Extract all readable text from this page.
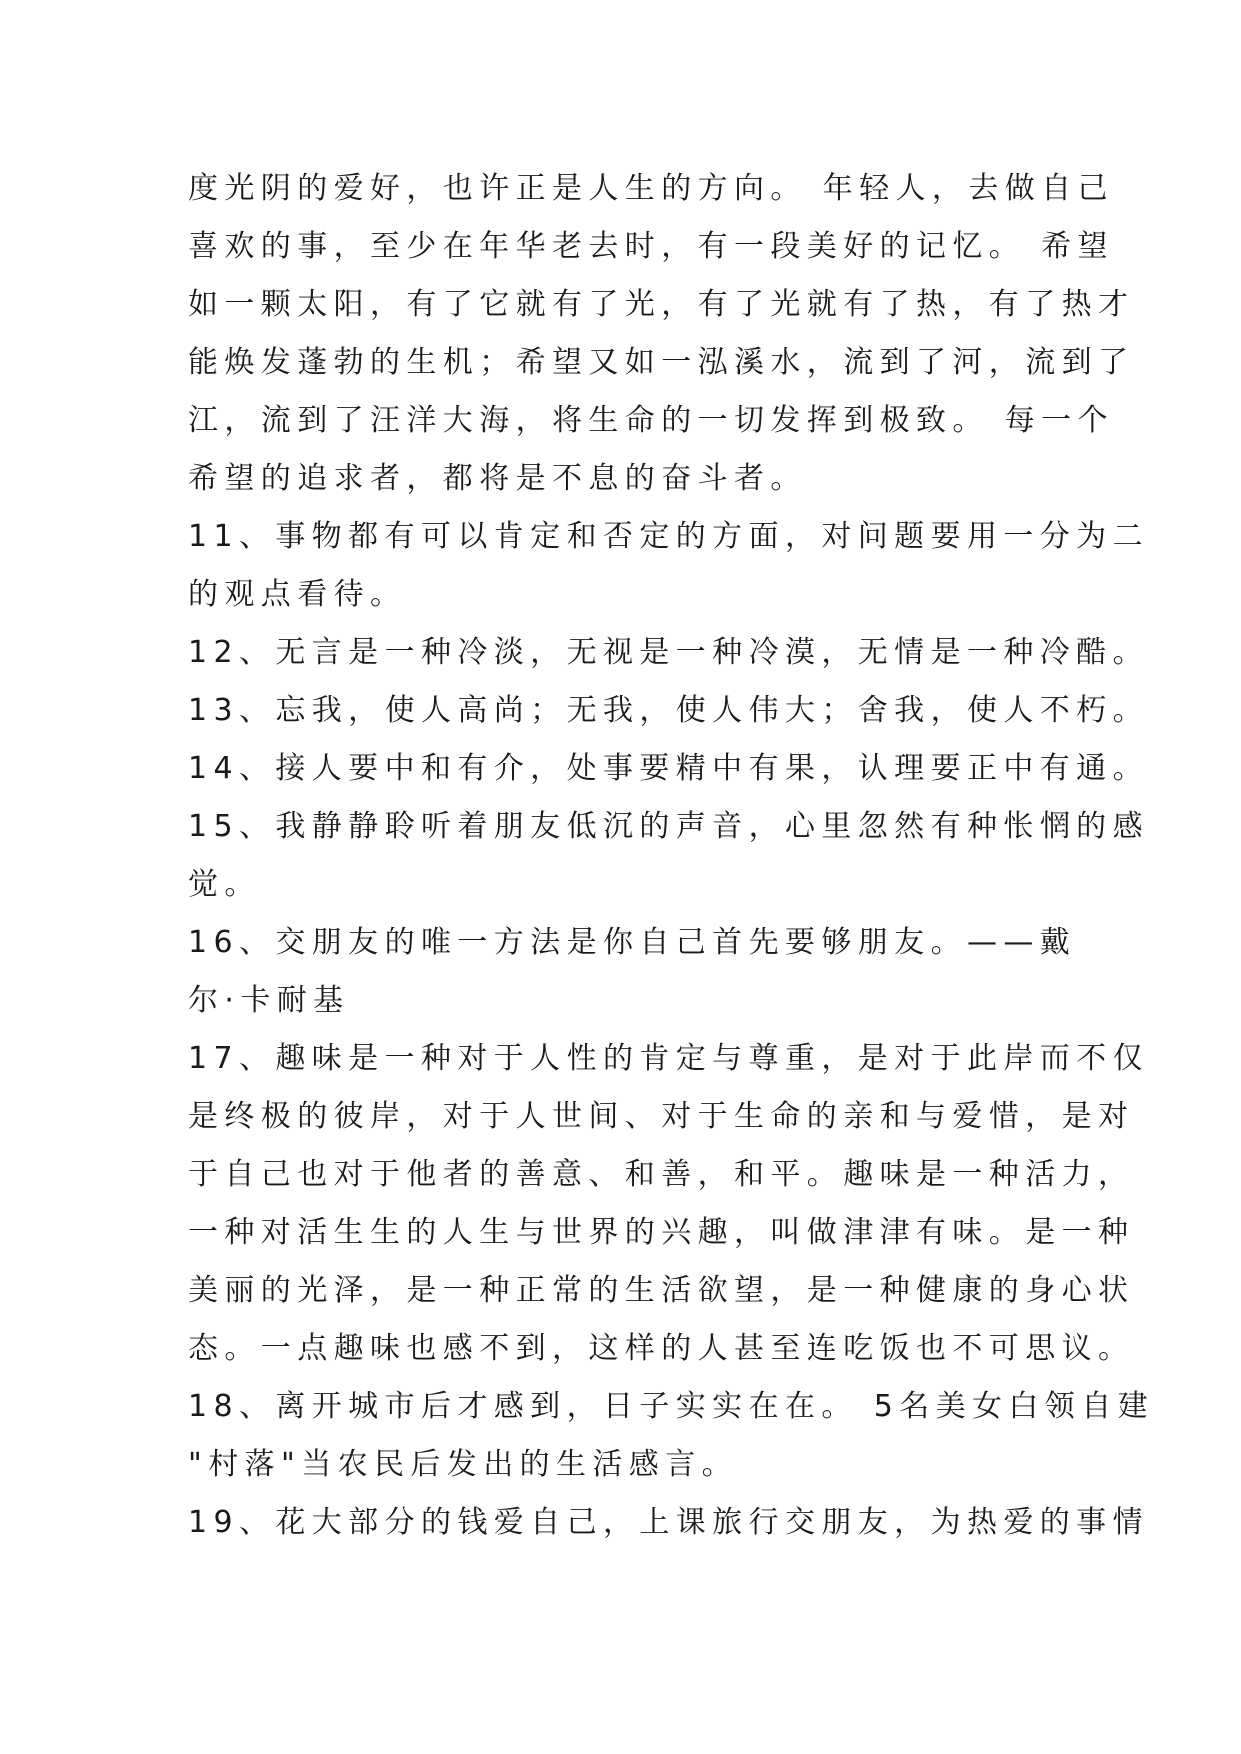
度光阴的爱好，也许正是人生的方向。 年轻人，去做自己
喜欢的事，至少在年华老去时，有一段美好的记忆。 希望
如一颗太阳，有了它就有了光，有了光就有了热，有了热才
能焕发蓬勃的生机；希望又如一泓溪水，流到了河，流到了
江，流到了汪洋大海，将生命的一切发挥到极致。 每一个
希望的追求者，都将是不息的奋斗者。
11、事物都有可以肯定和否定的方面，对问题要用一分为二
的观点看待。
12、无言是一种冷淡，无视是一种冷漠，无情是一种冷酷。
13、忘我，使人高尚；无我，使人伟大；舍我，使人不朽。
14、接人要中和有介，处事要精中有果，认理要正中有通。
15、我静静聆听着朋友低沉的声音，心里忽然有种怅惘的感
觉。
16、交朋友的唯一方法是你自己首先要够朋友。——戴
尔·卡耐基
17、趣味是一种对于人性的肯定与尊重，是对于此岸而不仅
是终极的彼岸，对于人世间、对于生命的亲和与爱惜，是对
于自己也对于他者的善意、和善，和平。趣味是一种活力，
一种对活生生的人生与世界的兴趣，叫做津津有味。是一种
美丽的光泽，是一种正常的生活欲望，是一种健康的身心状
态。一点趣味也感不到，这样的人甚至连吃饭也不可思议。
18、离开城市后才感到，日子实实在在。 5名美女白领自建
"村落"当农民后发出的生活感言。
19、花大部分的钱爱自己，上课旅行交朋友，为热爱的事情
